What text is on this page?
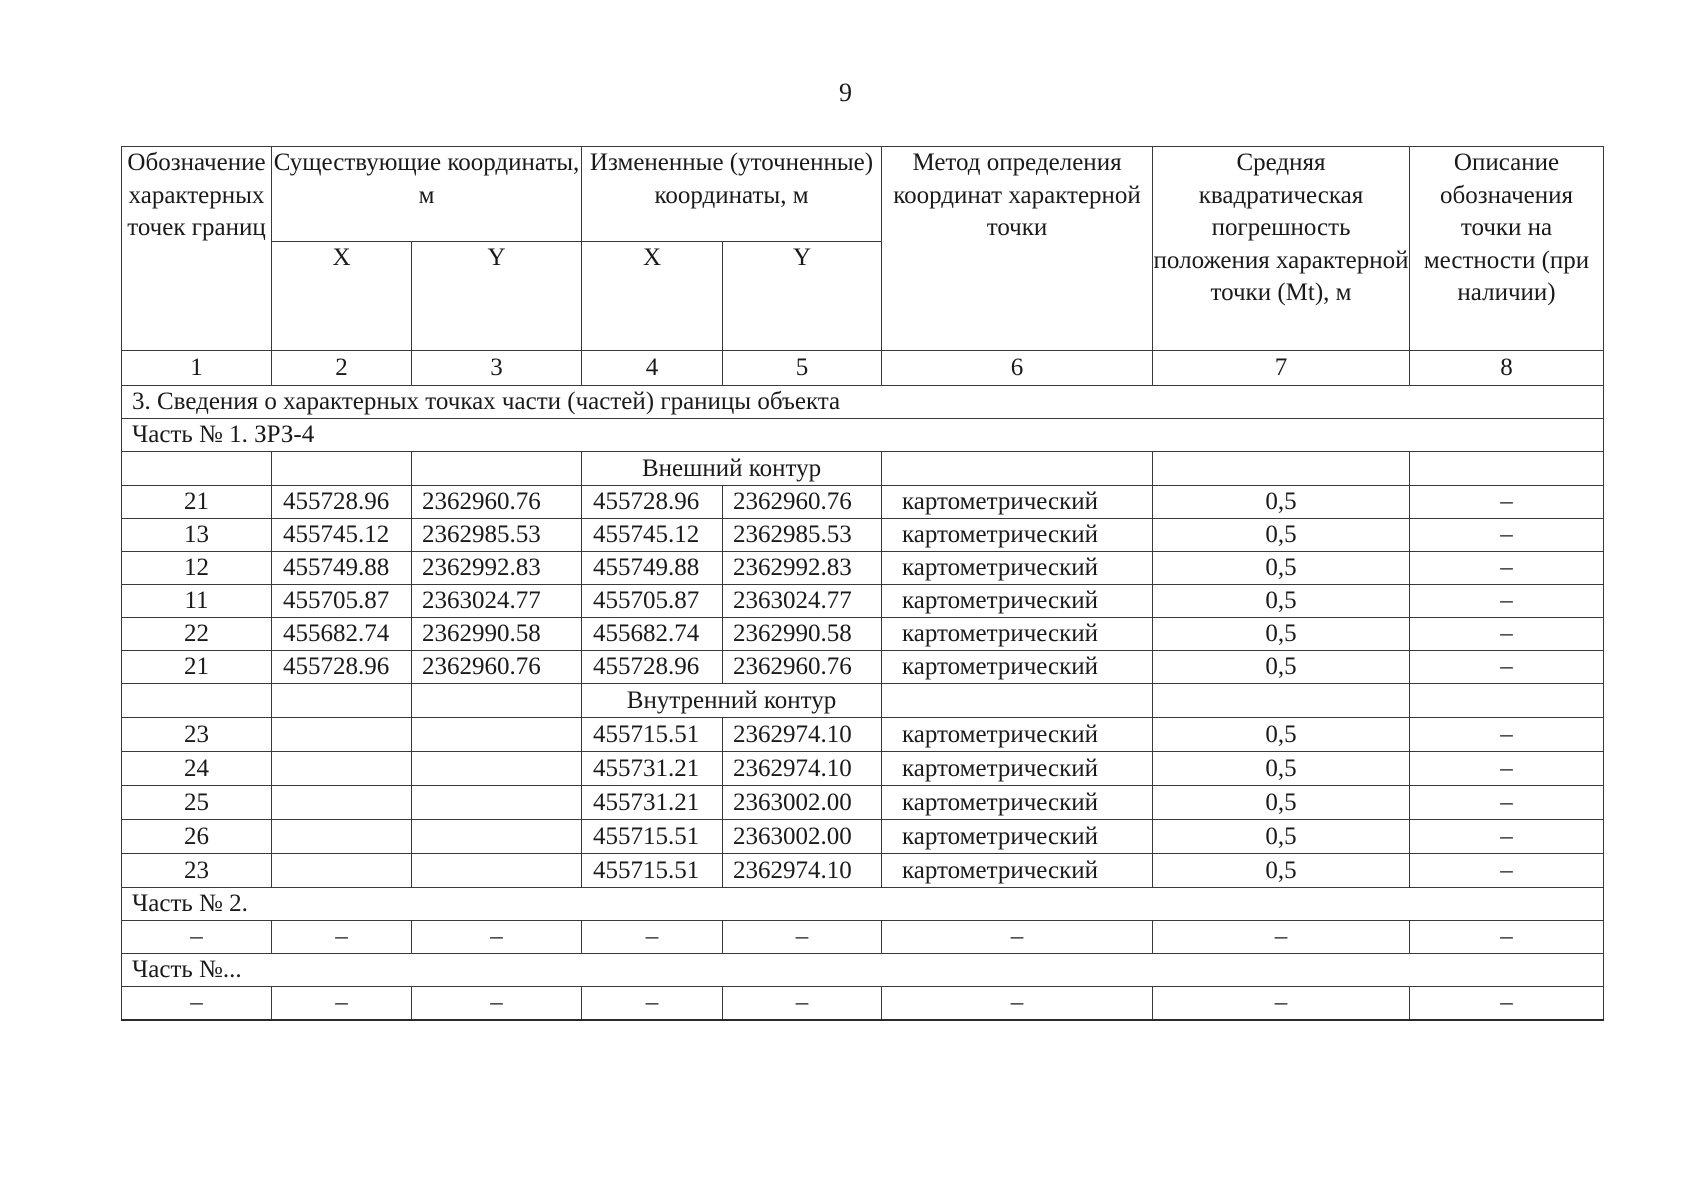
9
Обозначение характерных точек границ	Существующие координаты, м		Измененные (уточненные) координаты, м		Метод определения координат характерной точки	Средняя квадратическая погрешность положения характерной точки (Mt), м	Описание обозначения точки на местности (при наличии)
	X	Y	X	Y			
1	2	3	4	5	6	7	8
3. Сведения о характерных точках части (частей) границы объекта							
Часть № 1. ЗРЗ-4							
			Внешний контур				
21	455728.96	2362960.76	455728.96	2362960.76	картометрический	0,5	–
13	455745.12	2362985.53	455745.12	2362985.53	картометрический	0,5	–
12	455749.88	2362992.83	455749.88	2362992.83	картометрический	0,5	–
11	455705.87	2363024.77	455705.87	2363024.77	картометрический	0,5	–
22	455682.74	2362990.58	455682.74	2362990.58	картометрический	0,5	–
21	455728.96	2362960.76	455728.96	2362960.76	картометрический	0,5	–
			Внутренний контур				
23			455715.51	2362974.10	картометрический	0,5	–
24			455731.21	2362974.10	картометрический	0,5	–
25			455731.21	2363002.00	картометрический	0,5	–
26			455715.51	2363002.00	картометрический	0,5	–
23			455715.51	2362974.10	картометрический	0,5	–
Часть № 2.							
–	–	–	–	–	–	–	–
Часть №...							
–	–	–	–	–	–	–	–
